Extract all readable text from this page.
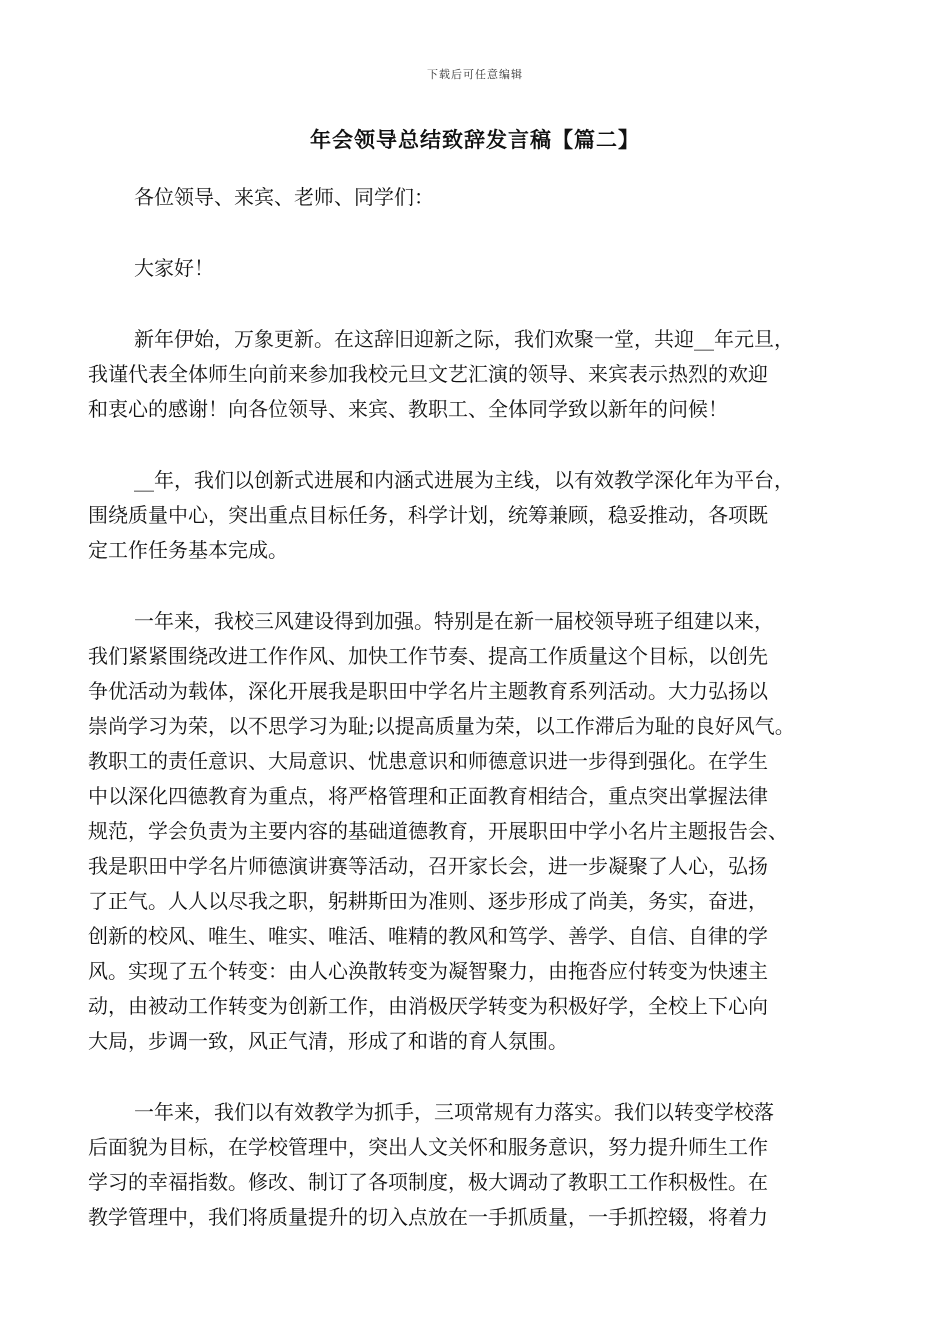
下载后可任意编辑
年会领导总结致辞发言稿【篇二】
各位领导、来宾、老师、同学们：
大家好！
新年伊始，万象更新。在这辞旧迎新之际，我们欢聚一堂，共迎__年元旦，
我谨代表全体师生向前来参加我校元旦文艺汇演的领导、来宾表示热烈的欢迎
和衷心的感谢！向各位领导、来宾、教职工、全体同学致以新年的问候！
__年，我们以创新式进展和内涵式进展为主线，以有效教学深化年为平台，
围绕质量中心，突出重点目标任务，科学计划，统筹兼顾，稳妥推动，各项既
定工作任务基本完成。
一年来，我校三风建设得到加强。特别是在新一届校领导班子组建以来，
我们紧紧围绕改进工作作风、加快工作节奏、提高工作质量这个目标，以创先
争优活动为载体，深化开展我是职田中学名片主题教育系列活动。大力弘扬以
崇尚学习为荣，以不思学习为耻;以提高质量为荣，以工作滞后为耻的良好风气。
教职工的责任意识、大局意识、忧患意识和师德意识进一步得到强化。在学生
中以深化四德教育为重点，将严格管理和正面教育相结合，重点突出掌握法律
规范，学会负责为主要内容的基础道德教育，开展职田中学小名片主题报告会、
我是职田中学名片师德演讲赛等活动，召开家长会，进一步凝聚了人心，弘扬
了正气。人人以尽我之职，躬耕斯田为准则、逐步形成了尚美，务实，奋进，
创新的校风、唯生、唯实、唯活、唯精的教风和笃学、善学、自信、自律的学
风。实现了五个转变：由人心涣散转变为凝智聚力，由拖沓应付转变为快速主
动，由被动工作转变为创新工作，由消极厌学转变为积极好学，全校上下心向
大局，步调一致，风正气清，形成了和谐的育人氛围。
一年来，我们以有效教学为抓手，三项常规有力落实。我们以转变学校落
后面貌为目标，在学校管理中，突出人文关怀和服务意识，努力提升师生工作
学习的幸福指数。修改、制订了各项制度，极大调动了教职工工作积极性。在
教学管理中，我们将质量提升的切入点放在一手抓质量，一手抓控辍，将着力
